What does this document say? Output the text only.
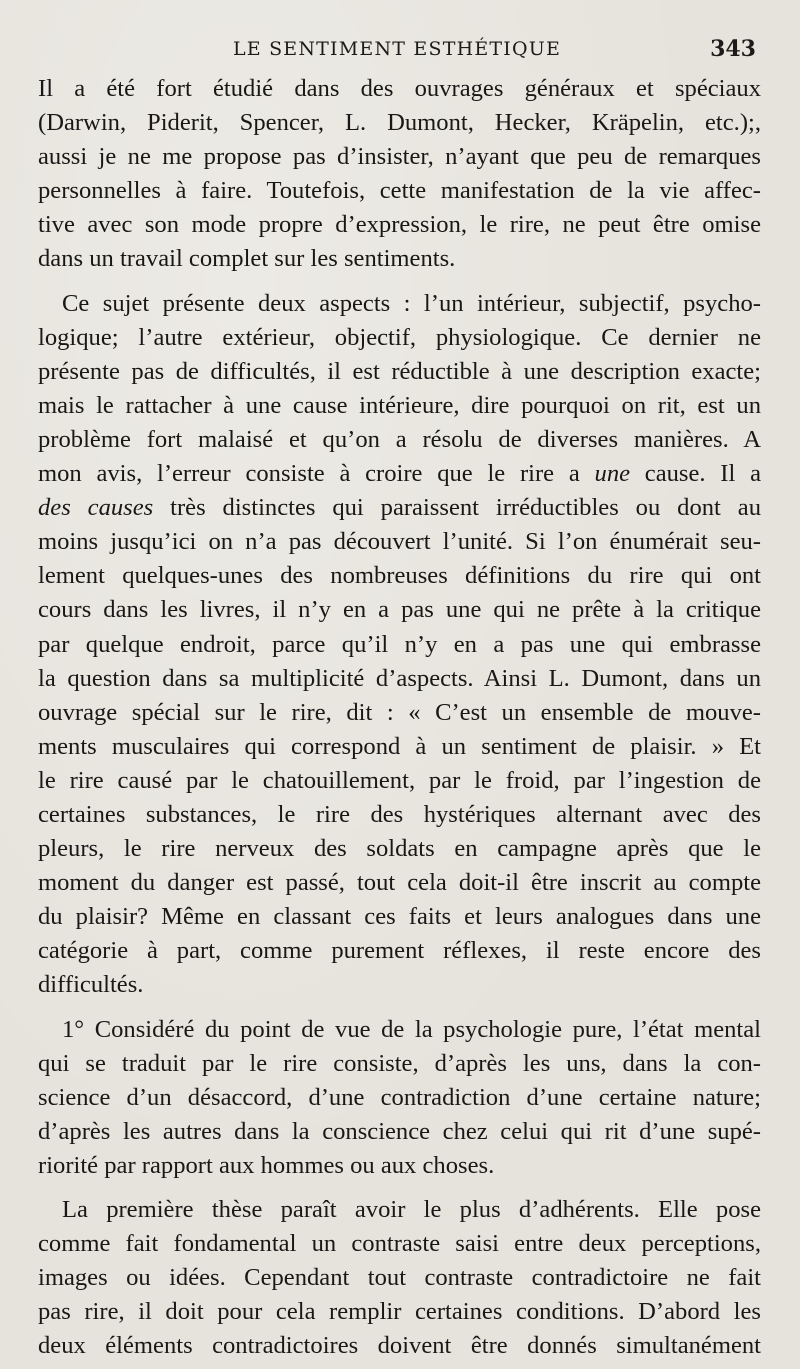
LE SENTIMENT ESTHÉTIQUE	343
Il a été fort étudié dans des ouvrages généraux et spéciaux
(Darwin, Piderit, Spencer, L. Dumont, Hecker, Kräpelin, etc.);,
aussi je ne me propose pas d’insister, n’ayant que peu de remarques
personnelles à faire. Toutefois, cette manifestation de la vie affec-
tive avec son mode propre d’expression, le rire, ne peut être omise
dans un travail complet sur les sentiments.
Ce sujet présente deux aspects : l’un intérieur, subjectif, psycho-
logique; l’autre extérieur, objectif, physiologique. Ce dernier ne
présente pas de difficultés, il est réductible à une description exacte;
mais le rattacher à une cause intérieure, dire pourquoi on rit, est un
problème fort malaisé et qu’on a résolu de diverses manières. A
mon avis, l’erreur consiste à croire que le rire a une cause. Il a
des causes très distinctes qui paraissent irréductibles ou dont au
moins jusqu’ici on n’a pas découvert l’unité. Si l’on énumérait seu-
lement quelques-unes des nombreuses définitions du rire qui ont
cours dans les livres, il n’y en a pas une qui ne prête à la critique
par quelque endroit, parce qu’il n’y en a pas une qui embrasse
la question dans sa multiplicité d’aspects. Ainsi L. Dumont, dans un
ouvrage spécial sur le rire, dit : « C’est un ensemble de mouve-
ments musculaires qui correspond à un sentiment de plaisir. » Et
le rire causé par le chatouillement, par le froid, par l’ingestion de
certaines substances, le rire des hystériques alternant avec des
pleurs, le rire nerveux des soldats en campagne après que le
moment du danger est passé, tout cela doit-il être inscrit au compte
du plaisir? Même en classant ces faits et leurs analogues dans une
catégorie à part, comme purement réflexes, il reste encore des
difficultés.
1° Considéré du point de vue de la psychologie pure, l’état mental
qui se traduit par le rire consiste, d’après les uns, dans la con-
science d’un désaccord, d’une contradiction d’une certaine nature;
d’après les autres dans la conscience chez celui qui rit d’une supé-
riorité par rapport aux hommes ou aux choses.
La première thèse paraît avoir le plus d’adhérents. Elle pose
comme fait fondamental un contraste saisi entre deux perceptions,
images ou idées. Cependant tout contraste contradictoire ne fait
pas rire, il doit pour cela remplir certaines conditions. D’abord les
deux éléments contradictoires doivent être donnés simultanément
